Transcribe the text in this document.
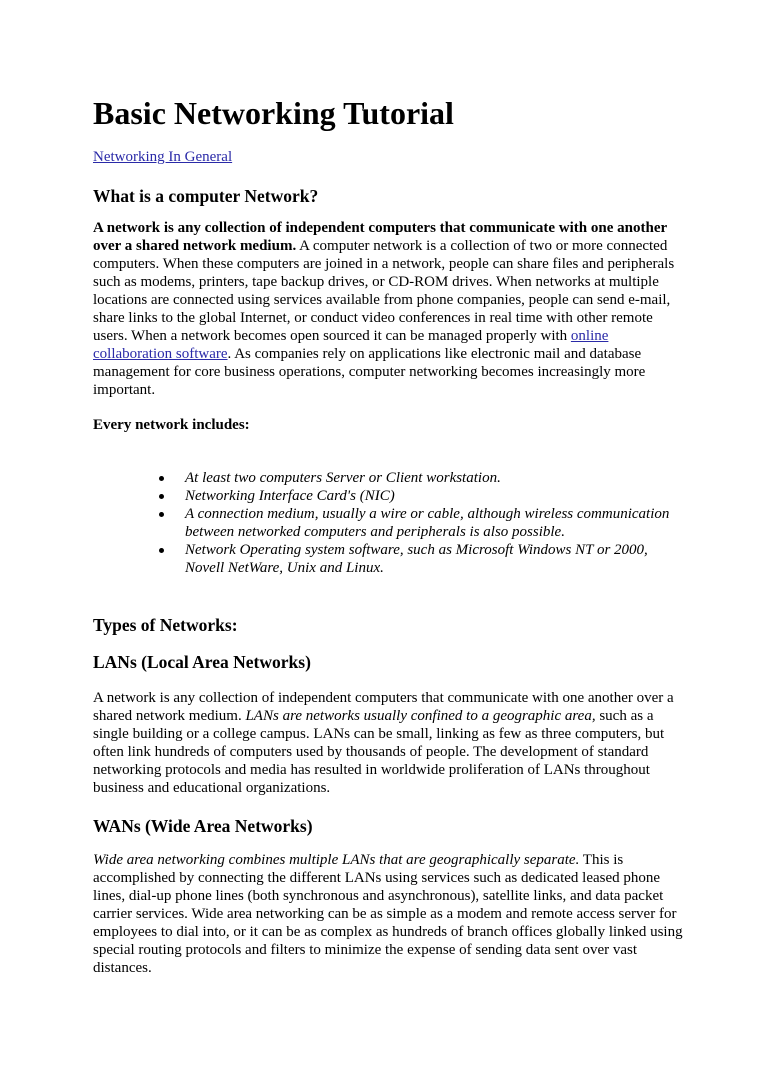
Basic Networking Tutorial
Networking In General
What is a computer Network?

A network is any collection of independent computers that communicate with one another over a shared network medium. A computer network is a collection of two or more connected computers. When these computers are joined in a network, people can share files and peripherals such as modems, printers, tape backup drives, or CD-ROM drives. When networks at multiple locations are connected using services available from phone companies, people can send e-mail, share links to the global Internet, or conduct video conferences in real time with other remote users. When a network becomes open sourced it can be managed properly with online collaboration software. As companies rely on applications like electronic mail and database management for core business operations, computer networking becomes increasingly more important.

Every network includes:

At least two computers Server or Client workstation.
Networking Interface Card's (NIC)
A connection medium, usually a wire or cable, although wireless communication between networked computers and peripherals is also possible.
Network Operating system software, such as Microsoft Windows NT or 2000, Novell NetWare, Unix and Linux.
Types of Networks:
LANs (Local Area Networks)

A network is any collection of independent computers that communicate with one another over a shared network medium. LANs are networks usually confined to a geographic area, such as a single building or a college campus. LANs can be small, linking as few as three computers, but often link hundreds of computers used by thousands of people. The development of standard networking protocols and media has resulted in worldwide proliferation of LANs throughout business and educational organizations.

WANs (Wide Area Networks)

Wide area networking combines multiple LANs that are geographically separate. This is accomplished by connecting the different LANs using services such as dedicated leased phone lines, dial-up phone lines (both synchronous and asynchronous), satellite links, and data packet carrier services. Wide area networking can be as simple as a modem and remote access server for employees to dial into, or it can be as complex as hundreds of branch offices globally linked using special routing protocols and filters to minimize the expense of sending data sent over vast distances.
